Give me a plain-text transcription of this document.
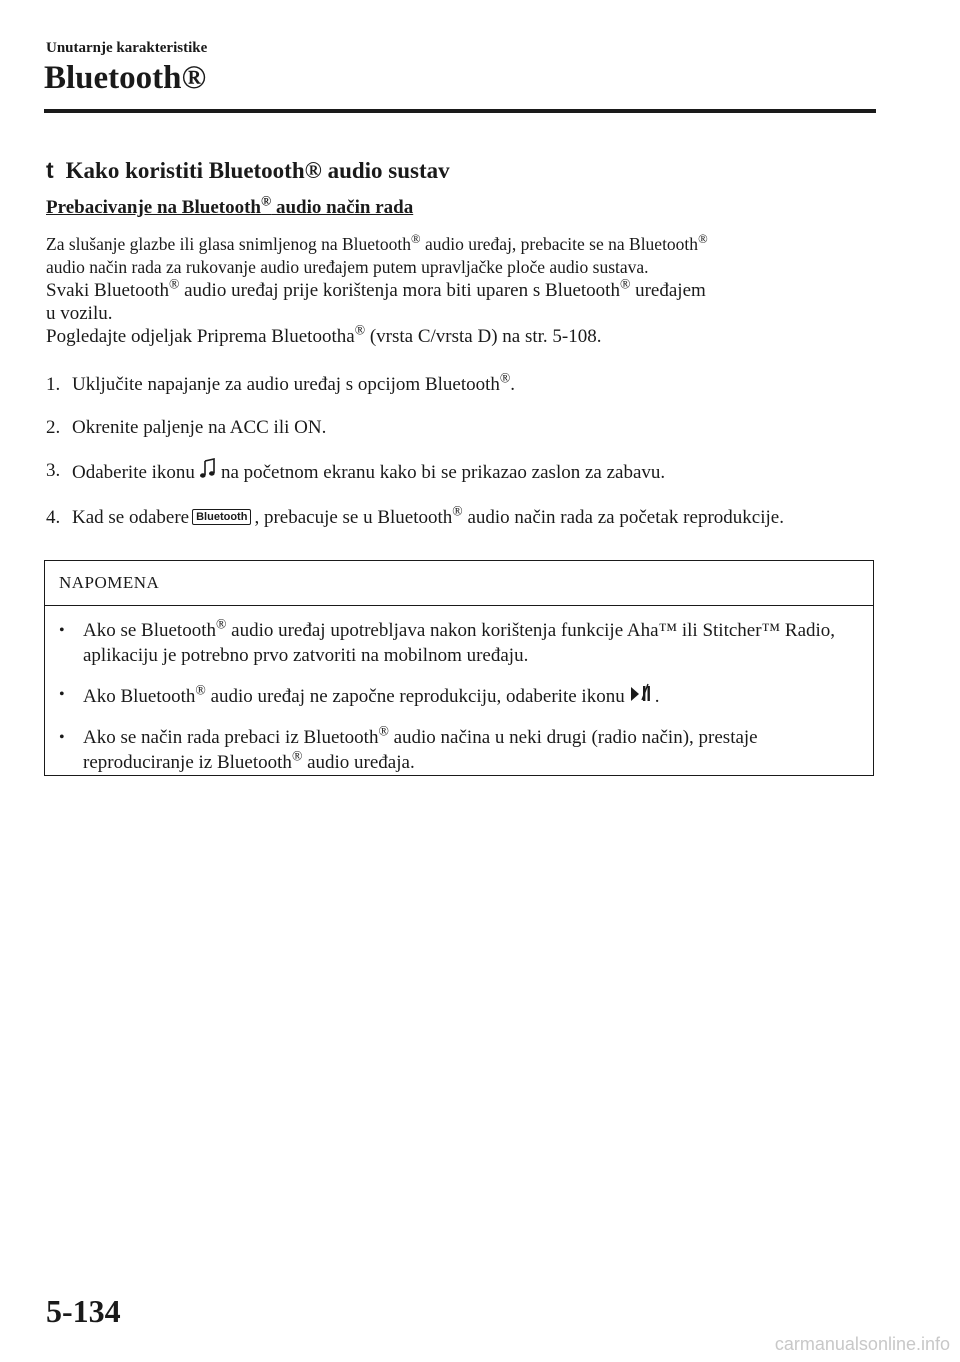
Unutarnje karakteristike
Bluetooth®
t Kako koristiti Bluetooth® audio sustav
Prebacivanje na Bluetooth® audio način rada

Za slušanje glazbe ili glasa snimljenog na Bluetooth® audio uređaj, prebacite se na Bluetooth®
audio način rada za rukovanje audio uređajem putem upravljačke ploče audio sustava.

Svaki Bluetooth® audio uređaj prije korištenja mora biti uparen s Bluetooth® uređajem
u vozilu.

Pogledajte odjeljak Priprema Bluetootha® (vrsta C/vrsta D) na str. 5-108.

1. Uključite napajanje za audio uređaj s opcijom Bluetooth®.
2. Okrenite paljenje na ACC ili ON.
3. Odaberite ikonu na početnom ekranu kako bi se prikazao zaslon za zabavu.
4. Kad se odabere Bluetooth , prebacuje se u Bluetooth® audio način rada za početak reprodukcije.
NAPOMENA
• Ako se Bluetooth® audio uređaj upotrebljava nakon korištenja funkcije Aha™ ili Stitcher™ Radio, aplikaciju je potrebno prvo zatvoriti na mobilnom uređaju.
• Ako Bluetooth® audio uređaj ne započne reprodukciju, odaberite ikonu .
• Ako se način rada prebaci iz Bluetooth® audio načina u neki drugi (radio način), prestaje reproduciranje iz Bluetooth® audio uređaja.
5-134
carmanualsonline.info
